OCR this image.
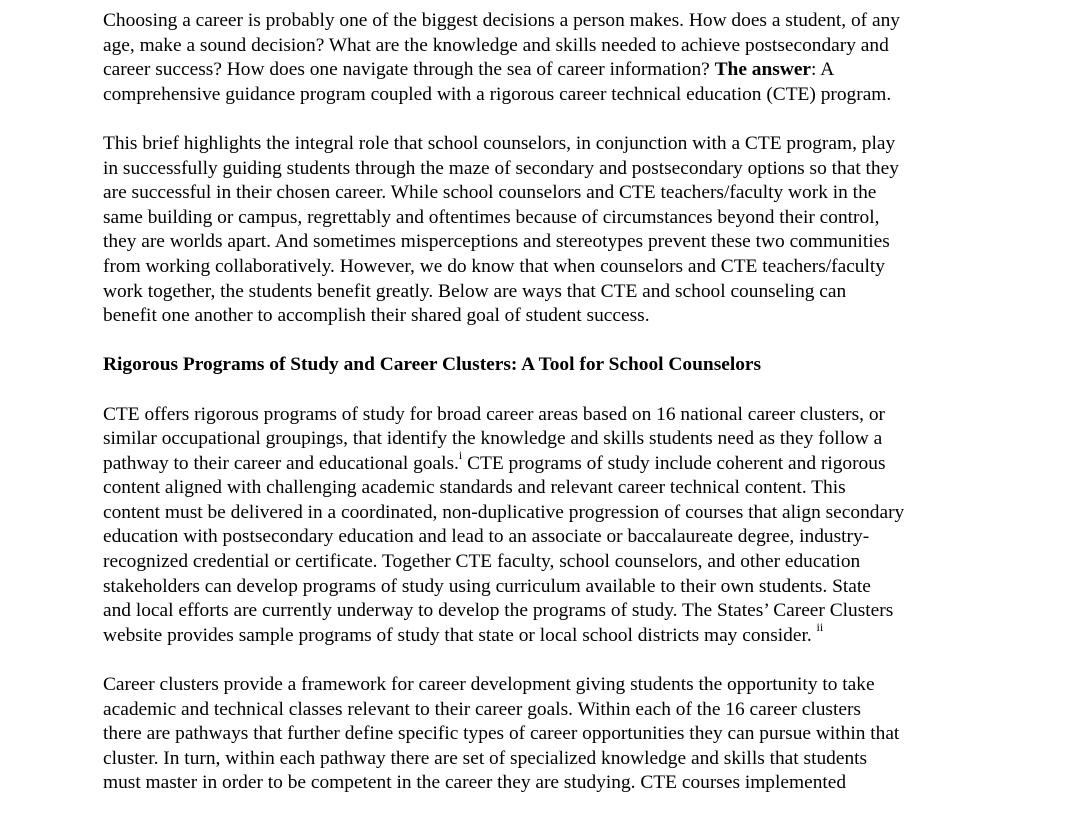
Choosing a career is probably one of the biggest decisions a person makes. How does a student, of any
age, make a sound decision? What are the knowledge and skills needed to achieve postsecondary and
career success? How does one navigate through the sea of career information? The answer: A
comprehensive guidance program coupled with a rigorous career technical education (CTE) program.
This brief highlights the integral role that school counselors, in conjunction with a CTE program, play
in successfully guiding students through the maze of secondary and postsecondary options so that they
are successful in their chosen career. While school counselors and CTE teachers/faculty work in the
same building or campus, regrettably and oftentimes because of circumstances beyond their control,
they are worlds apart. And sometimes misperceptions and stereotypes prevent these two communities
from working collaboratively. However, we do know that when counselors and CTE teachers/faculty
work together, the students benefit greatly. Below are ways that CTE and school counseling can
benefit one another to accomplish their shared goal of student success.
Rigorous Programs of Study and Career Clusters: A Tool for School Counselors
CTE offers rigorous programs of study for broad career areas based on 16 national career clusters, or
similar occupational groupings, that identify the knowledge and skills students need as they follow a
pathway to their career and educational goals.$^i$ CTE programs of study include coherent and rigorous
content aligned with challenging academic standards and relevant career technical content. This
content must be delivered in a coordinated, non-duplicative progression of courses that align secondary
education with postsecondary education and lead to an associate or baccalaureate degree, industry-
recognized credential or certificate. Together CTE faculty, school counselors, and other education
stakeholders can develop programs of study using curriculum available to their own students. State
and local efforts are currently underway to develop the programs of study. The States’ Career Clusters
website provides sample programs of study that state or local school districts may consider. $^{ii}$
Career clusters provide a framework for career development giving students the opportunity to take
academic and technical classes relevant to their career goals. Within each of the 16 career clusters
there are pathways that further define specific types of career opportunities they can pursue within that
cluster. In turn, within each pathway there are set of specialized knowledge and skills that students
must master in order to be competent in the career they are studying. CTE courses implemented
